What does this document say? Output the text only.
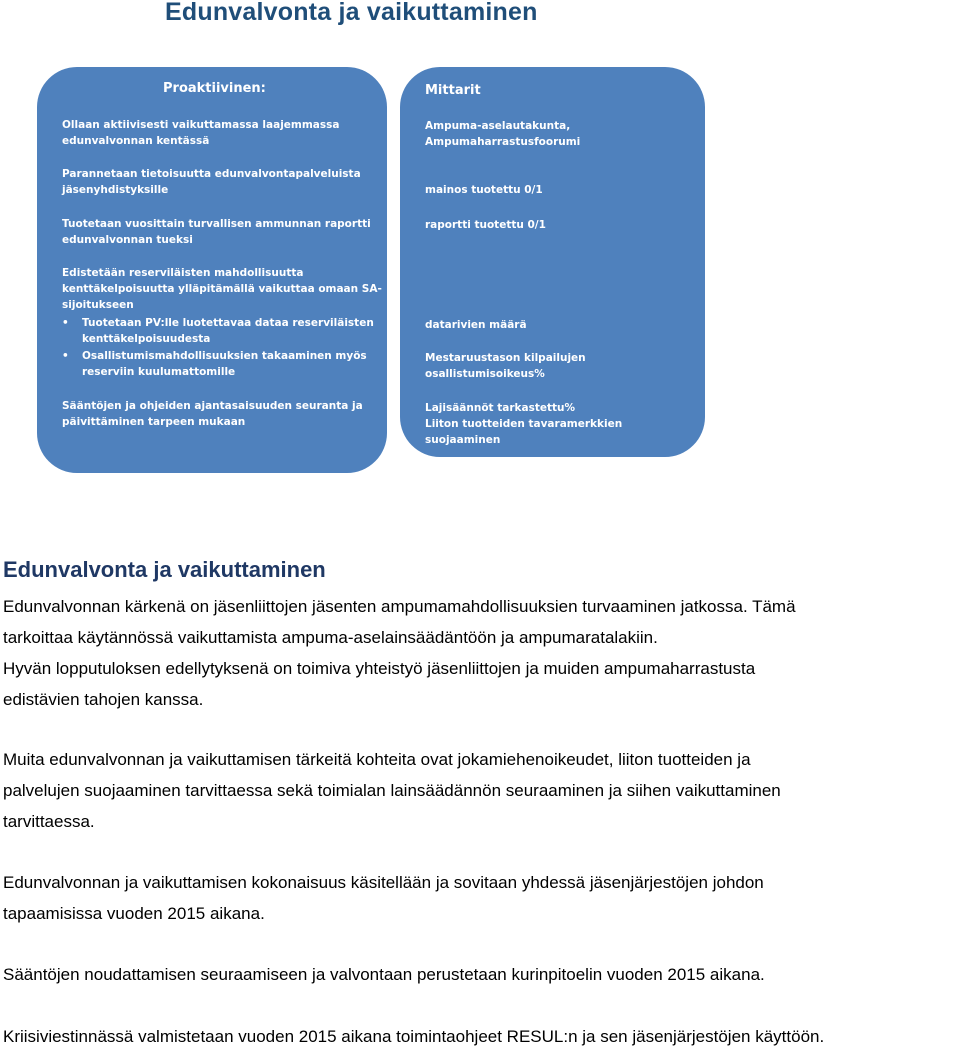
Edunvalvonta ja vaikuttaminen
Proaktiivinen:
Ollaan aktiivisesti vaikuttamassa laajemmassa
edunvalvonnan kentässä
Parannetaan tietoisuutta edunvalvontapalveluista
jäsenyhdistyksille
Tuotetaan vuosittain turvallisen ammunnan raportti
edunvalvonnan tueksi
Edistetään reserviläisten mahdollisuutta
kenttäkelpoisuutta ylläpitämällä vaikuttaa omaan SA-
sijoitukseen
•	Tuotetaan PV:lle luotettavaa dataa reserviläisten
kenttäkelpoisuudesta
•	Osallistumismahdollisuuksien takaaminen myös
reserviin kuulumattomille
Sääntöjen ja ohjeiden ajantasaisuuden seuranta ja
päivittäminen tarpeen mukaan
Mittarit
Ampuma-aselautakunta,
Ampumaharrastusfoorumi
mainos tuotettu 0/1
raportti tuotettu 0/1
datarivien määrä
Mestaruustason kilpailujen
osallistumisoikeus%
Lajisäännöt tarkastettu%
Liiton tuotteiden tavaramerkkien
suojaaminen
Edunvalvonta ja vaikuttaminen

Edunvalvonnan kärkenä on jäsenliittojen jäsenten ampumamahdollisuuksien turvaaminen jatkossa. Tämä
tarkoittaa käytännössä vaikuttamista ampuma-aselainsäädäntöön ja ampumaratalakiin.
Hyvän lopputuloksen edellytyksenä on toimiva yhteistyö jäsenliittojen ja muiden ampumaharrastusta
edistävien tahojen kanssa.

Muita edunvalvonnan ja vaikuttamisen tärkeitä kohteita ovat jokamiehenoikeudet, liiton tuotteiden ja
palvelujen suojaaminen tarvittaessa sekä toimialan lainsäädännön seuraaminen ja siihen vaikuttaminen
tarvittaessa.

Edunvalvonnan ja vaikuttamisen kokonaisuus käsitellään ja sovitaan yhdessä jäsenjärjestöjen johdon
tapaamisissa vuoden 2015 aikana.

Sääntöjen noudattamisen seuraamiseen ja valvontaan perustetaan kurinpitoelin vuoden 2015 aikana.

Kriisiviestinnässä valmistetaan vuoden 2015 aikana toimintaohjeet RESUL:n ja sen jäsenjärjestöjen käyttöön.
